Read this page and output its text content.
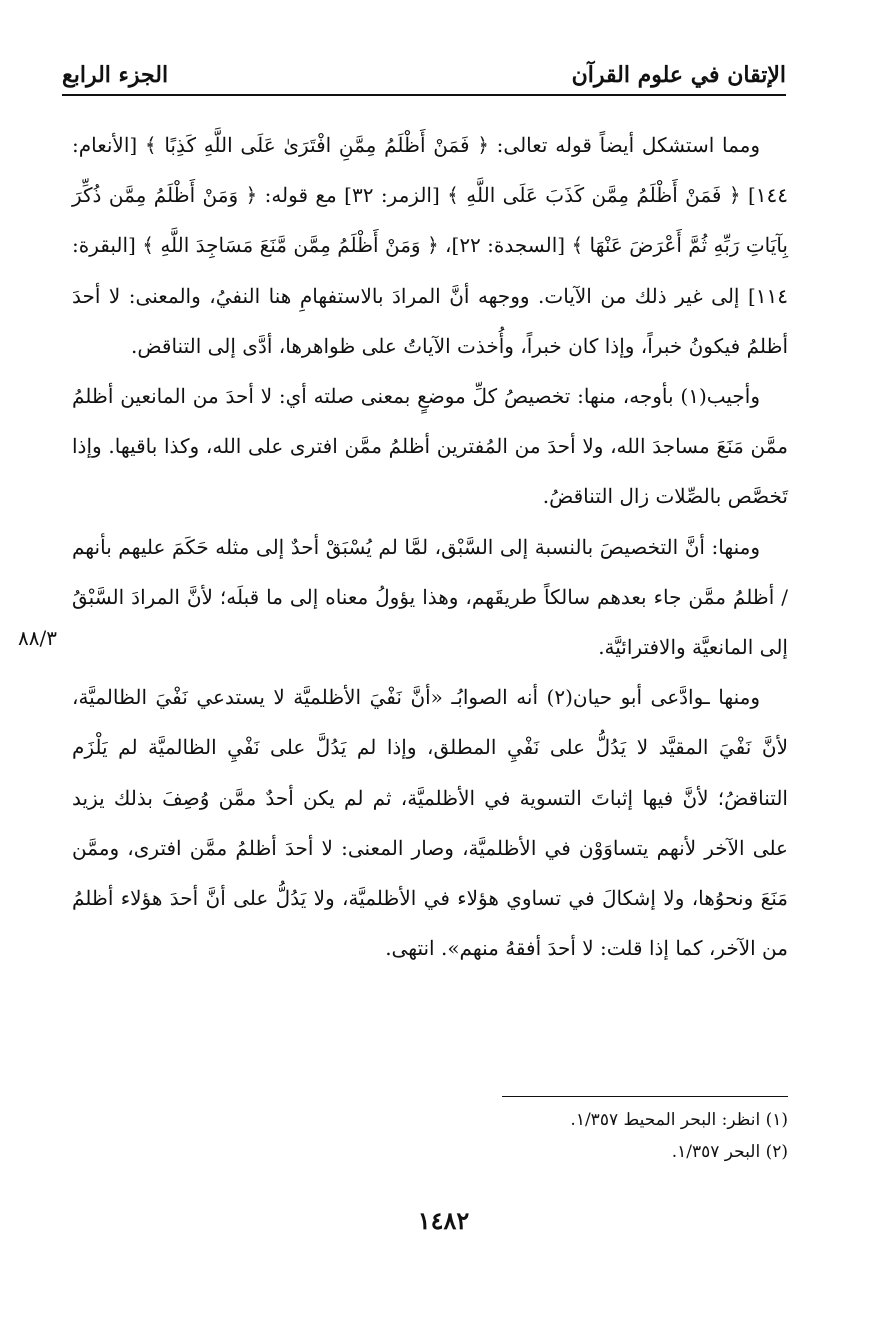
الإتقان في علوم القرآن
الجزء الرابع

ومما استشكل أيضاً قوله تعالى: ﴿ فَمَنْ أَظْلَمُ مِمَّنِ افْتَرَىٰ عَلَى اللَّهِ كَذِبًا ﴾ [الأنعام: ١٤٤] ﴿ فَمَنْ أَظْلَمُ مِمَّن كَذَبَ عَلَى اللَّهِ ﴾ [الزمر: ٣٢] مع قوله: ﴿ وَمَنْ أَظْلَمُ مِمَّن ذُكِّرَ بِآيَاتِ رَبِّهِ ثُمَّ أَعْرَضَ عَنْهَا ﴾ [السجدة: ٢٢]، ﴿ وَمَنْ أَظْلَمُ مِمَّن مَّنَعَ مَسَاجِدَ اللَّهِ ﴾ [البقرة: ١١٤] إلى غير ذلك من الآيات. ووجهه أنَّ المرادَ بالاستفهامِ هنا النفيُ، والمعنى: لا أحدَ أظلمُ فيكونُ خبراً، وإذا كان خبراً، وأُخذت الآياتُ على ظواهرها، أدَّى إلى التناقض.

وأجيب(١) بأوجه، منها: تخصيصُ كلِّ موضعٍ بمعنى صلته أي: لا أحدَ من المانعين أظلمُ ممَّن مَنَعَ مساجدَ الله، ولا أحدَ من المُفترين أظلمُ ممَّن افترى على الله، وكذا باقيها. وإذا تَخصَّص بالصِّلات زال التناقضُ.

ومنها: أنَّ التخصيصَ بالنسبة إلى السَّبْق، لمَّا لم يُسْبَقْ أحدٌ إلى مثله حَكَمَ عليهم بأنهم / أظلمُ ممَّن جاء بعدهم سالكاً طريقَهم، وهذا يؤولُ معناه إلى ما قبلَه؛ لأنَّ المرادَ السَّبْقُ إلى المانعيَّة والافترائيَّة.

ومنها ـوادَّعى أبو حيان(٢) أنه الصوابُـ «أنَّ نَفْيَ الأظلميَّة لا يستدعي نَفْيَ الظالميَّة، لأنَّ نَفْيَ المقيَّد لا يَدُلُّ على نَفْيِ المطلق، وإذا لم يَدُلَّ على نَفْيِ الظالميَّة لم يَلْزَم التناقضُ؛ لأنَّ فيها إثباتَ التسوية في الأظلميَّة، ثم لم يكن أحدٌ ممَّن وُصِفَ بذلك يزيد على الآخر لأنهم يتساوَوْن في الأظلميَّة، وصار المعنى: لا أحدَ أظلمُ ممَّن افترى، وممَّن مَنَعَ ونحوُها، ولا إشكالَ في تساوي هؤلاء في الأظلميَّة، ولا يَدُلُّ على أنَّ أحدَ هؤلاء أظلمُ من الآخر، كما إذا قلت: لا أحدَ أفقهُ منهم». انتهى.

٨٨/٣

(١) انظر: البحر المحيط ١/٣٥٧.

(٢) البحر ١/٣٥٧.

١٤٨٢
